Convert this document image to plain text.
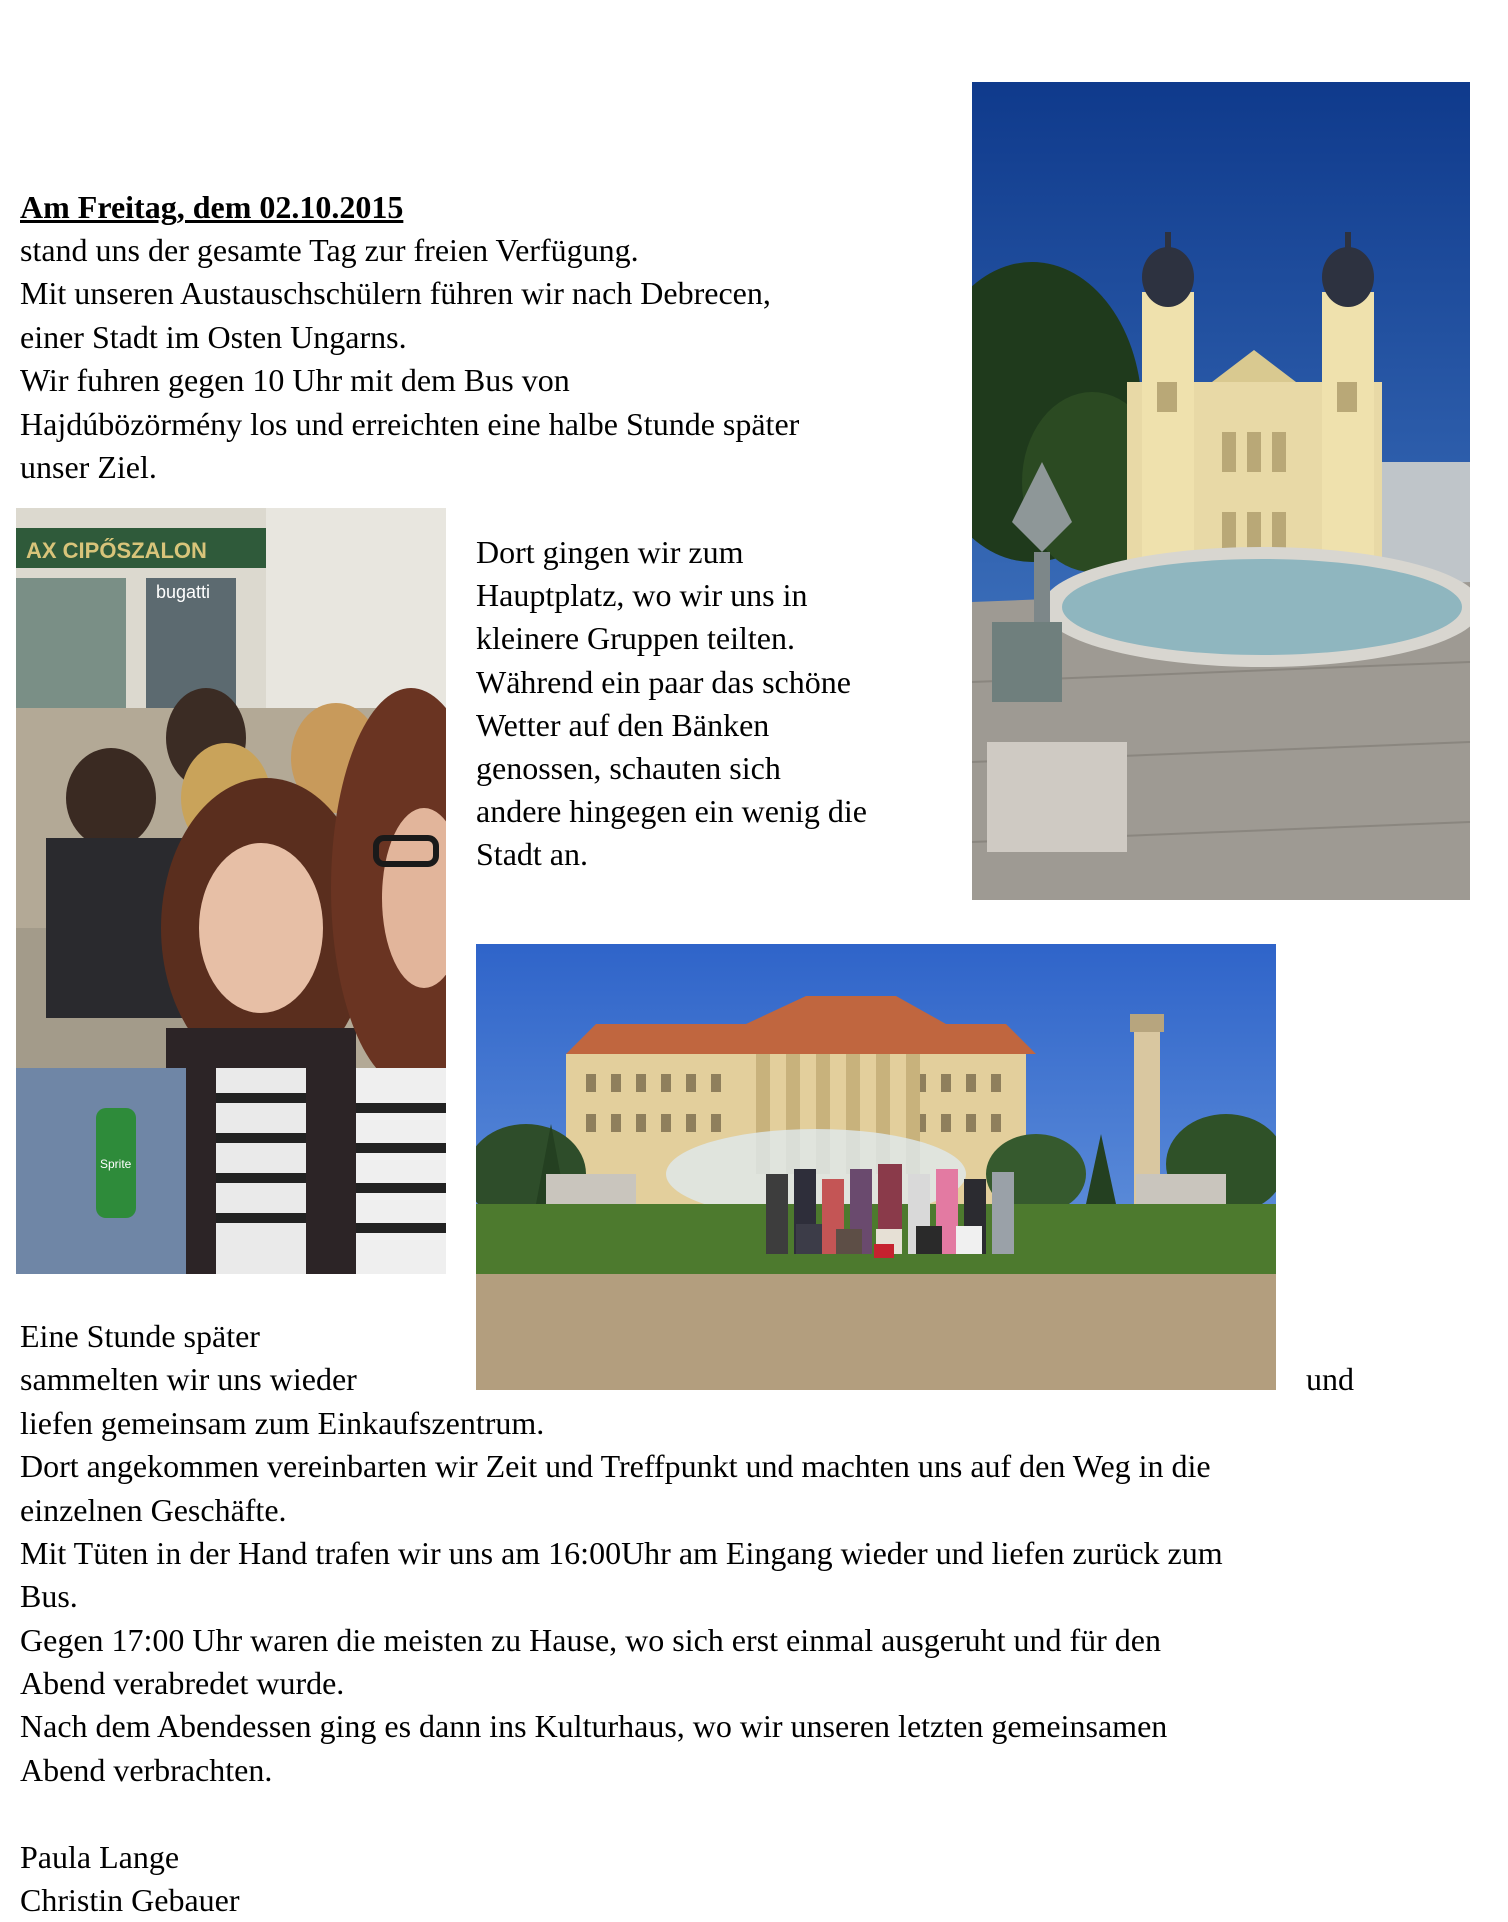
Am Freitag, dem 02.10.2015
stand uns der gesamte Tag zur freien Verfügung.
Mit unseren Austauschschülern führen wir nach Debrecen,
einer Stadt im Osten Ungarns.
Wir fuhren gegen 10 Uhr mit dem Bus von
Hajdúbözörmény los und erreichten eine halbe Stunde später
unser Ziel.
Dort gingen wir zum
Hauptplatz, wo wir uns in
kleinere Gruppen teilten.
Während ein paar das schöne
Wetter auf den Bänken
genossen, schauten sich
andere hingegen ein wenig die
Stadt an.
Eine Stunde später
sammelten wir uns wieder	und
liefen gemeinsam zum Einkaufszentrum.
Dort angekommen vereinbarten wir Zeit und Treffpunkt und machten uns auf den Weg in die
einzelnen Geschäfte.
Mit Tüten in der Hand trafen wir uns am 16:00Uhr am Eingang wieder und liefen zurück zum
Bus.
Gegen 17:00 Uhr waren die meisten zu Hause, wo sich erst einmal ausgeruht und für den
Abend verabredet wurde.
Nach dem Abendessen ging es dann ins Kulturhaus, wo wir unseren letzten gemeinsamen
Abend verbrachten.
Paula Lange
Christin Gebauer
AX CIPŐSZALON
bugatti
Sprite
